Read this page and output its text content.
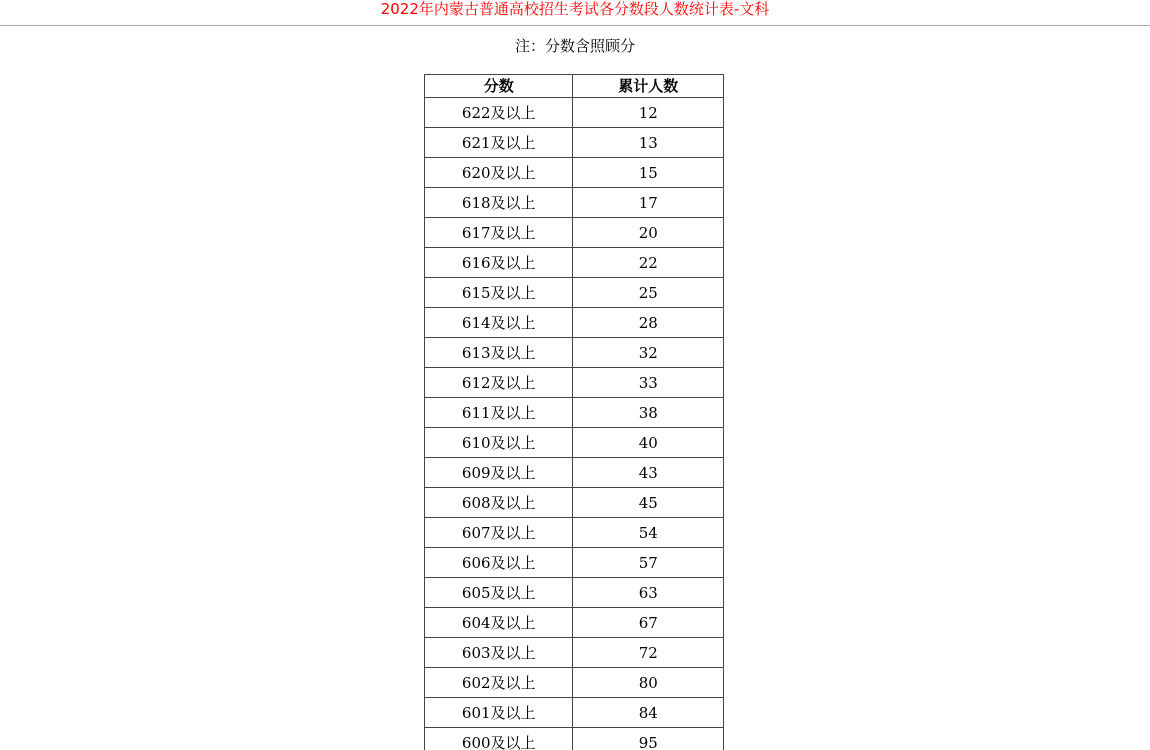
2022年内蒙古普通高校招生考试各分数段人数统计表-文科
注：分数含照顾分
分数	累计人数
622及以上	12
621及以上	13
620及以上	15
618及以上	17
617及以上	20
616及以上	22
615及以上	25
614及以上	28
613及以上	32
612及以上	33
611及以上	38
610及以上	40
609及以上	43
608及以上	45
607及以上	54
606及以上	57
605及以上	63
604及以上	67
603及以上	72
602及以上	80
601及以上	84
600及以上	95
